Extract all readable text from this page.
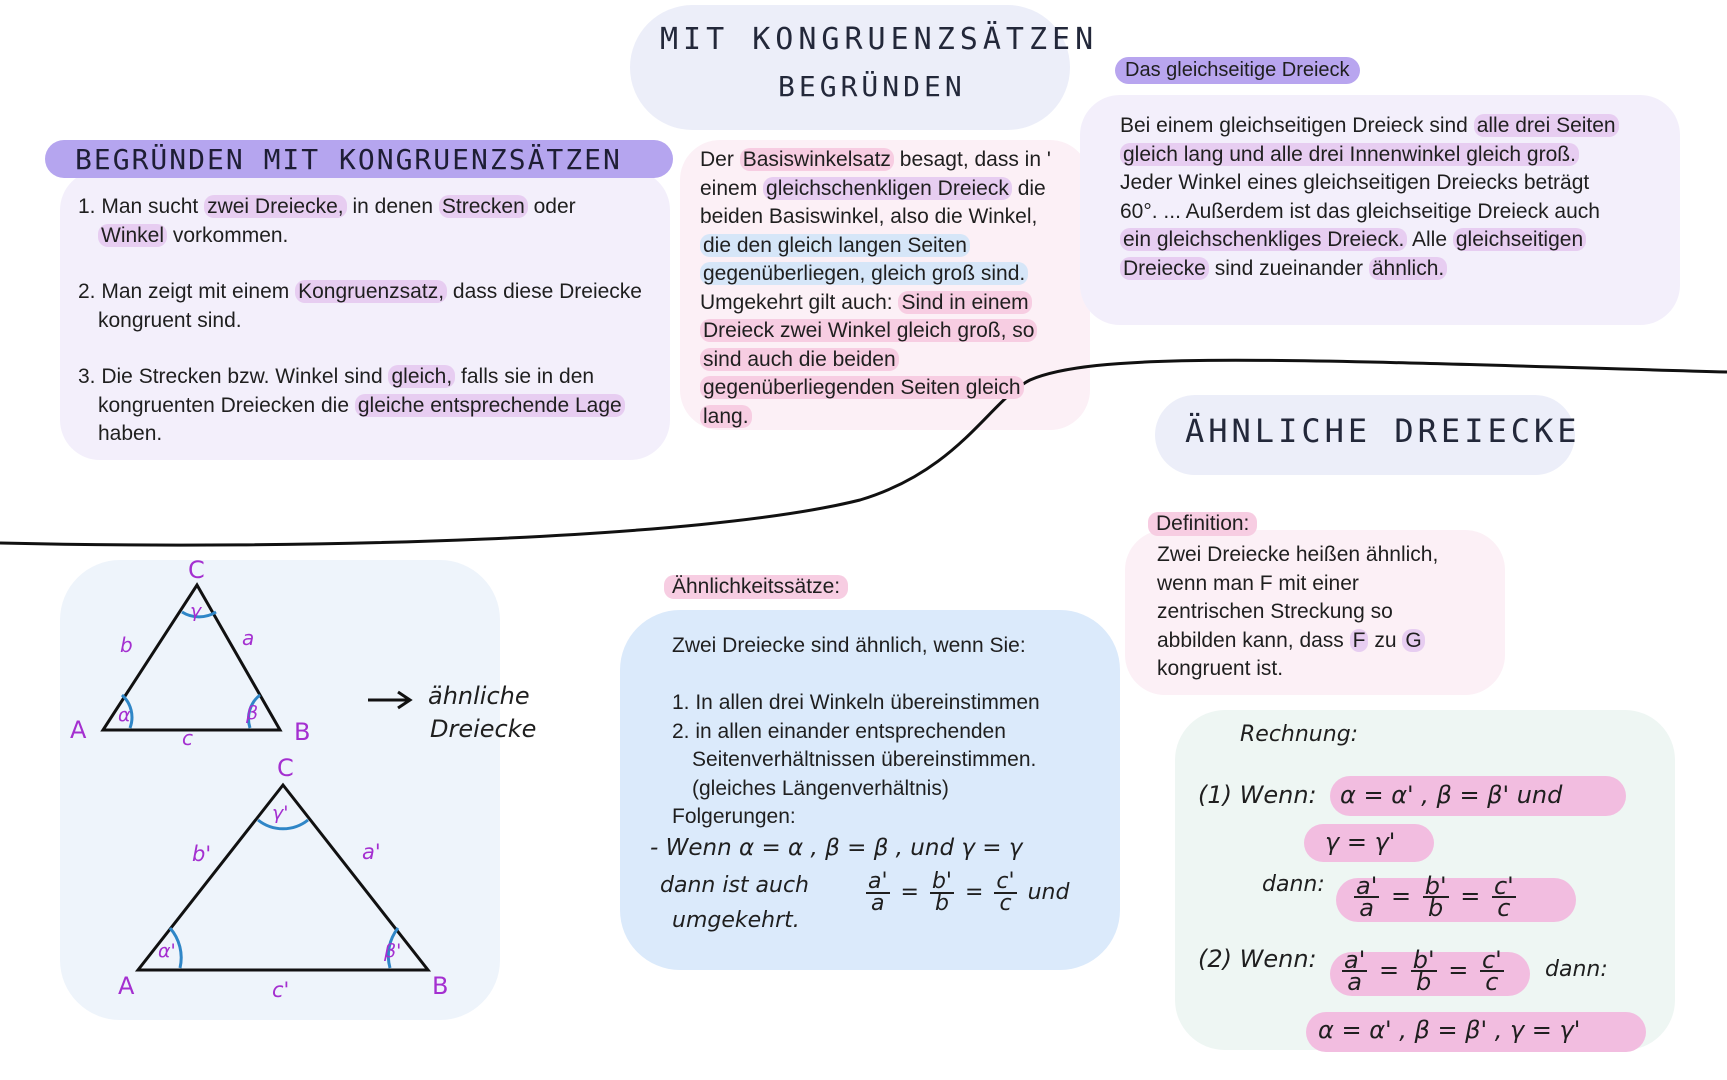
MIT KONGRUENZSÄTZEN
BEGRÜNDEN
BEGRÜNDEN MIT KONGRUENZSÄTZEN
1. Man sucht zwei Dreiecke, in denen Strecken oder
Winkel vorkommen.
2. Man zeigt mit einem Kongruenzsatz, dass diese Dreiecke
kongruent sind.
3. Die Strecken bzw. Winkel sind gleich, falls sie in den
kongruenten Dreiecken die gleiche entsprechende Lage
haben.
Der Basiswinkelsatz besagt, dass in '
einem gleichschenkligen Dreieck die
beiden Basiswinkel, also die Winkel,
die den gleich langen Seiten
gegenüberliegen, gleich groß sind.
Umgekehrt gilt auch: Sind in einem
Dreieck zwei Winkel gleich groß, so
sind auch die beiden
gegenüberliegenden Seiten gleich
lang.
Das gleichseitige Dreieck
Bei einem gleichseitigen Dreieck sind alle drei Seiten
gleich lang und alle drei Innenwinkel gleich groß.
Jeder Winkel eines gleichseitigen Dreiecks beträgt
60°. ... Außerdem ist das gleichseitige Dreieck auch
ein gleichschenkliges Dreieck. Alle gleichseitigen
Dreiecke sind zueinander ähnlich.
ÄHNLICHE DREIECKE
Definition:
Zwei Dreiecke heißen ähnlich,
wenn man F mit einer
zentrischen Streckung so
abbilden kann, dass F zu G
kongruent ist.
Ähnlichkeitssätze:
Zwei Dreiecke sind ähnlich, wenn Sie:

1. In allen drei Winkeln übereinstimmen
2. in allen einander entsprechenden
Seitenverhältnissen übereinstimmen.
(gleiches Längenverhältnis)
Folgerungen:
- Wenn α = α , β = β , und γ = γ
dann ist auch
umgekehrt.
$\frac{a'}{a} = \frac{b'}{b} = \frac{c'}{c}$ und
Rechnung:
(1) Wenn: α = α' , β = β' und
γ = γ'
dann: $\frac{a'}{a} = \frac{b'}{b} = \frac{c'}{c}$
(2) Wenn: $\frac{a'}{a} = \frac{b'}{b} = \frac{c'}{c}$ dann:
α = α' , β = β' , γ = γ'
C
A	B
a
b
c
α	β
γ
C
A	B
a'
b'
c'
α'	β'
γ'
ähnliche
Dreiecke
